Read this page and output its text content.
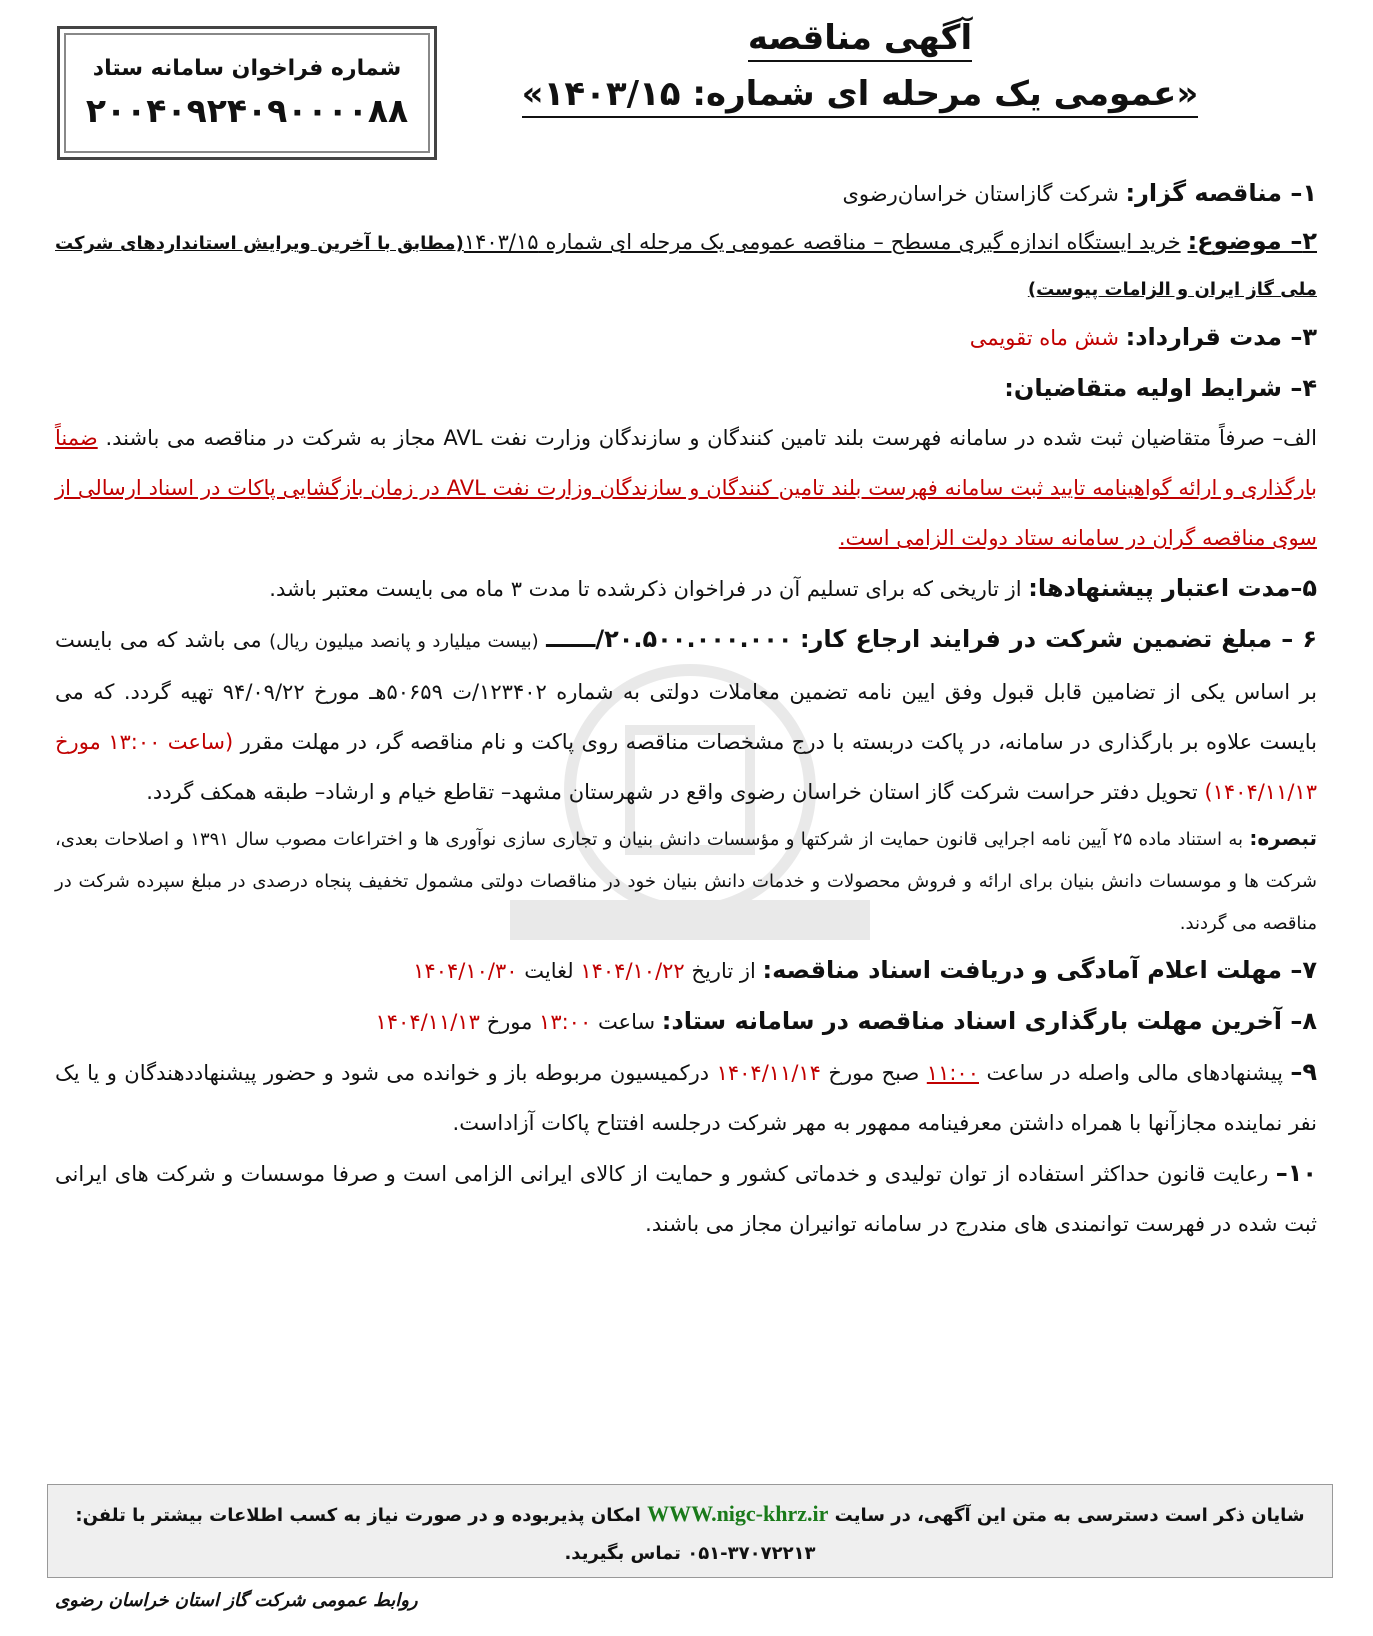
شماره فراخوان سامانه ستاد
۲۰۰۴۰۹۲۴۰۹۰۰۰۰۸۸
آگهی مناقصه
«عمومی یک مرحله ای شماره: ۱۴۰۳/۱۵»
۱– مناقصه گزار: شرکت گازاستان خراسان‌رضوی
۲– موضوع: خرید ایستگاه اندازه گیری مسطح – مناقصه عمومی یک مرحله ای شماره ۱۴۰۳/۱۵(مطابق با آخرین ویرایش استانداردهای شرکت ملی گاز ایران و الزامات پیوست)
۳– مدت قرارداد: شش ماه تقویمی
۴– شرایط اولیه متقاضیان:
الف– صرفاً متقاضیان ثبت شده در سامانه فهرست بلند تامین کنندگان و سازندگان وزارت نفت AVL مجاز به شرکت در مناقصه می باشند. ضمناً بارگذاری و ارائه گواهینامه تایید ثبت سامانه فهرست بلند تامین کنندگان و سازندگان وزارت نفت AVL در زمان بازگشایی پاکات در اسناد ارسالی از سوی مناقصه گران در سامانه ستاد دولت الزامی است.
۵–مدت اعتبار پیشنهادها: از تاریخی که برای تسلیم آن در فراخوان ذکرشده تا مدت ۳ ماه می بایست معتبر باشد.
۶ – مبلغ تضمین شرکت در فرایند ارجاع کار: ۲۰.۵۰۰.۰۰۰.۰۰۰/ــــــ (بیست میلیارد و پانصد میلیون ریال) می باشد که می بایست بر اساس یکی از تضامین قابل قبول وفق ایین نامه تضمین معاملات دولتی به شماره ۱۲۳۴۰۲/ت ۵۰۶۵۹هـ مورخ ۹۴/۰۹/۲۲ تهیه گردد. که می بایست علاوه بر بارگذاری در سامانه، در پاکت دربسته با درج مشخصات مناقصه روی پاکت و نام مناقصه گر، در مهلت مقرر (ساعت ۱۳:۰۰ مورخ ۱۴۰۴/۱۱/۱۳) تحویل دفتر حراست شرکت گاز استان خراسان رضوی واقع در شهرستان مشهد– تقاطع خیام و ارشاد– طبقه همکف گردد.
تبصره: به استناد ماده ۲۵ آیین نامه اجرایی قانون حمایت از شرکتها و مؤسسات دانش بنیان و تجاری سازی نوآوری ها و اختراعات مصوب سال ۱۳۹۱ و اصلاحات بعدی، شرکت ها و موسسات دانش بنیان برای ارائه و فروش محصولات و خدمات دانش بنیان خود در مناقصات دولتی مشمول تخفیف پنجاه درصدی در مبلغ سپرده شرکت در مناقصه می گردند.
۷– مهلت اعلام آمادگی و دریافت اسناد مناقصه: از تاریخ ۱۴۰۴/۱۰/۲۲ لغایت ۱۴۰۴/۱۰/۳۰
۸– آخرین مهلت بارگذاری اسناد مناقصه در سامانه ستاد: ساعت ۱۳:۰۰ مورخ ۱۴۰۴/۱۱/۱۳
۹– پیشنهادهای مالی واصله در ساعت ۱۱:۰۰ صبح مورخ ۱۴۰۴/۱۱/۱۴ درکمیسیون مربوطه باز و خوانده می شود و حضور پیشنهاددهندگان و یا یک نفر نماینده مجازآنها با همراه داشتن معرفینامه ممهور به مهر شرکت درجلسه افتتاح پاکات آزاداست.
۱۰– رعایت قانون حداکثر استفاده از توان تولیدی و خدماتی کشور و حمایت از کالای ایرانی الزامی است و صرفا موسسات و شرکت های ایرانی ثبت شده در فهرست توانمندی های مندرج در سامانه توانیران مجاز می باشند.
شایان ذکر است دسترسی به متن این آگهی، در سایت WWW.nigc-khrz.ir امکان پذیربوده و در صورت نیاز به کسب اطلاعات بیشتر با تلفن:
۰۵۱-۳۷۰۷۲۲۱۳ تماس بگیرید.
روابط عمومی شرکت گاز استان خراسان رضوی
